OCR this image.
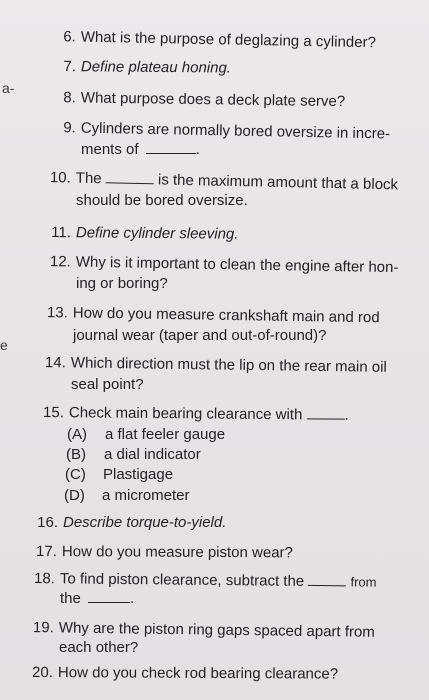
a-
e
6. What is the purpose of deglazing a cylinder?
7. Define plateau honing.
8. What purpose does a deck plate serve?
9. Cylinders are normally bored oversize in incre-
ments of	.
10. The	is the maximum amount that a block
should be bored oversize.
11. Define cylinder sleeving.
12. Why is it important to clean the engine after hon-
ing or boring?
13. How do you measure crankshaft main and rod
journal wear (taper and out-of-round)?
14. Which direction must the lip on the rear main oil
seal point?
15. Check main bearing clearance with	.
(A) a flat feeler gauge
(B) a dial indicator
(C) Plastigage
(D) a micrometer
16. Describe torque-to-yield.
17. How do you measure piston wear?
18. To find piston clearance, subtract the	from
the	.
19. Why are the piston ring gaps spaced apart from
each other?
20. How do you check rod bearing clearance?
